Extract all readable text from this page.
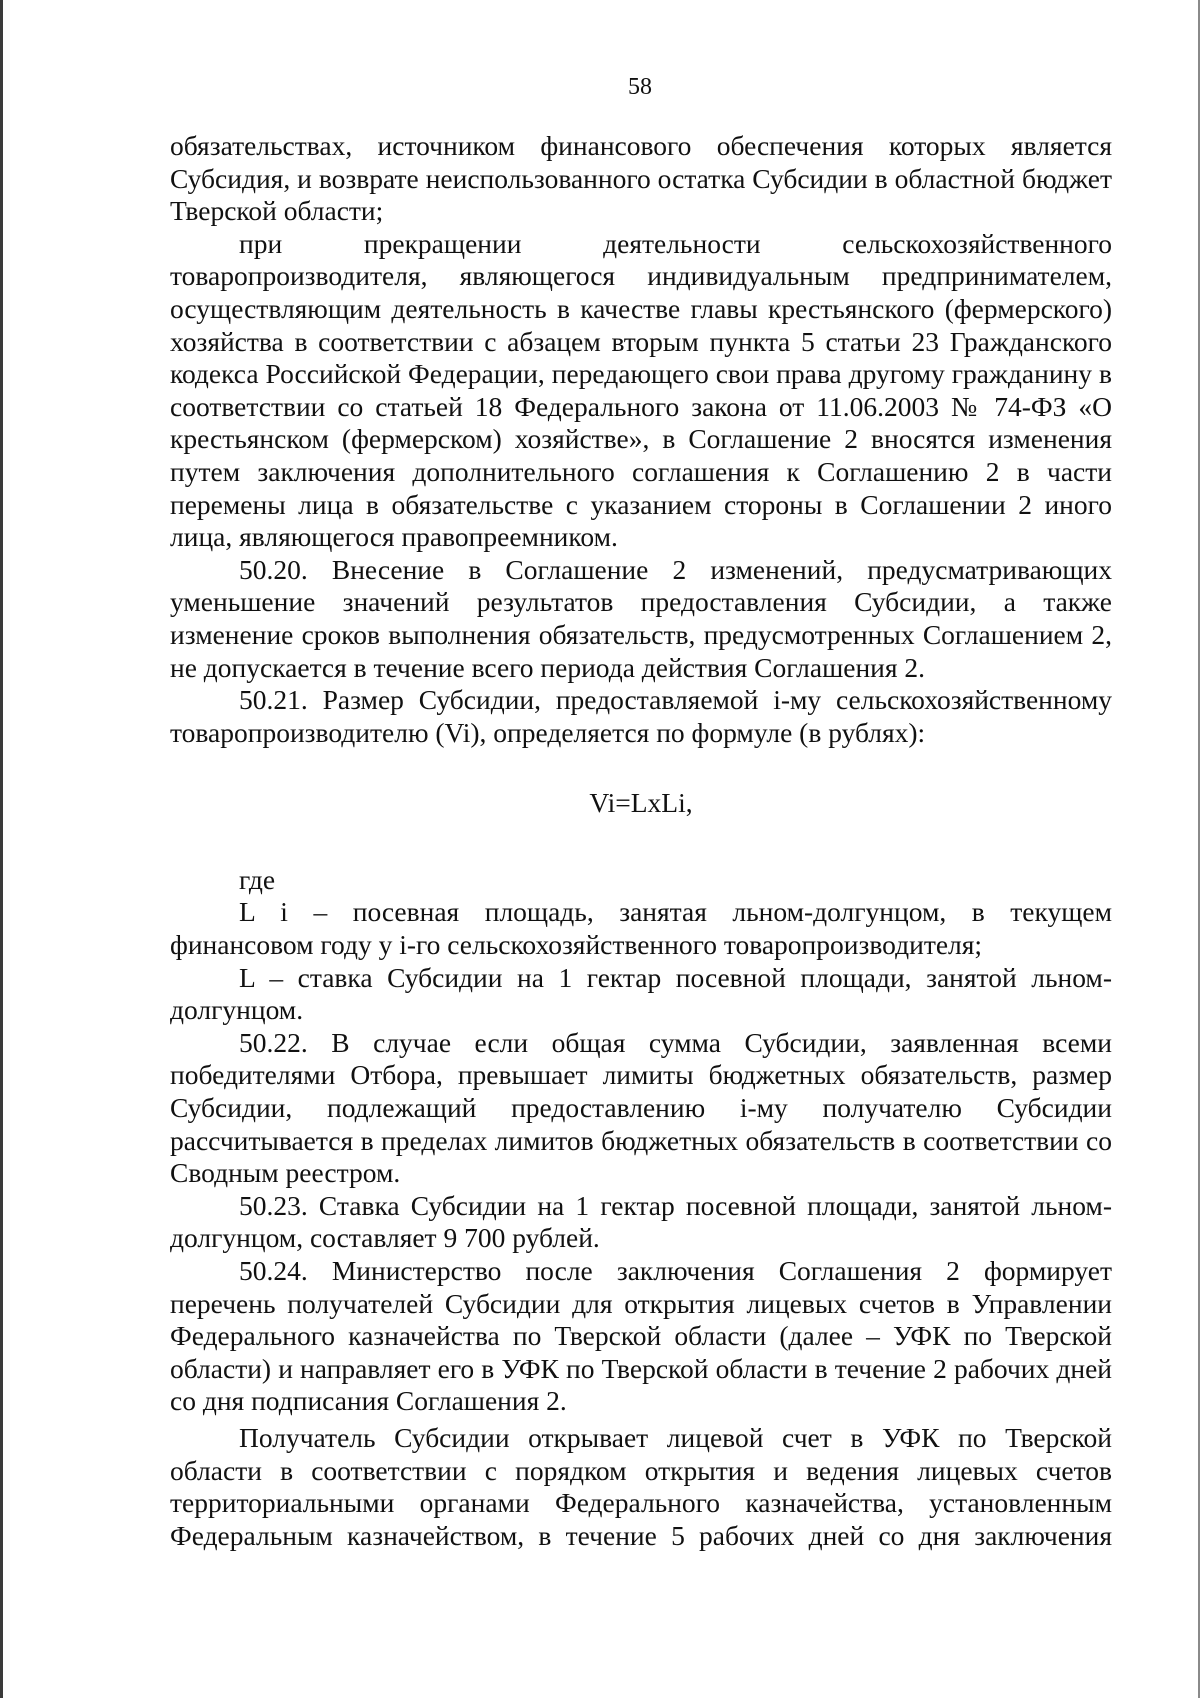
58

обязательствах, источником финансового обеспечения которых является Субсидия, и возврате неиспользованного остатка Субсидии в областной бюджет Тверской области;

при прекращении деятельности сельскохозяйственного товаропроизводителя, являющегося индивидуальным предпринимателем, осуществляющим деятельность в качестве главы крестьянского (фермерского) хозяйства в соответствии с абзацем вторым пункта 5 статьи 23 Гражданского кодекса Российской Федерации, передающего свои права другому гражданину в соответствии со статьей 18 Федерального закона от 11.06.2003 № 74-ФЗ «О крестьянском (фермерском) хозяйстве», в Соглашение 2 вносятся изменения путем заключения дополнительного соглашения к Соглашению 2 в части перемены лица в обязательстве с указанием стороны в Соглашении 2 иного лица, являющегося правопреемником.

50.20. Внесение в Соглашение 2 изменений, предусматривающих уменьшение значений результатов предоставления Субсидии, а также изменение сроков выполнения обязательств, предусмотренных Соглашением 2, не допускается в течение всего периода действия Соглашения 2.

50.21. Размер Субсидии, предоставляемой i-му сельскохозяйственному товаропроизводителю (Vi), определяется по формуле (в рублях):

Vi=LxLi,

где

L i – посевная площадь, занятая льном-долгунцом, в текущем финансовом году у i-го сельскохозяйственного товаропроизводителя;

L – ставка Субсидии на 1 гектар посевной площади, занятой льном-долгунцом.

50.22. В случае если общая сумма Субсидии, заявленная всеми победителями Отбора, превышает лимиты бюджетных обязательств, размер Субсидии, подлежащий предоставлению i-му получателю Субсидии рассчитывается в пределах лимитов бюджетных обязательств в соответствии со Сводным реестром.

50.23. Ставка Субсидии на 1 гектар посевной площади, занятой льном-долгунцом, составляет 9 700 рублей.

50.24. Министерство после заключения Соглашения 2 формирует перечень получателей Субсидии для открытия лицевых счетов в Управлении Федерального казначейства по Тверской области (далее – УФК по Тверской области) и направляет его в УФК по Тверской области в течение 2 рабочих дней со дня подписания Соглашения 2.

Получатель Субсидии открывает лицевой счет в УФК по Тверской области в соответствии с порядком открытия и ведения лицевых счетов территориальными органами Федерального казначейства, установленным Федеральным казначейством, в течение 5 рабочих дней со дня заключения
